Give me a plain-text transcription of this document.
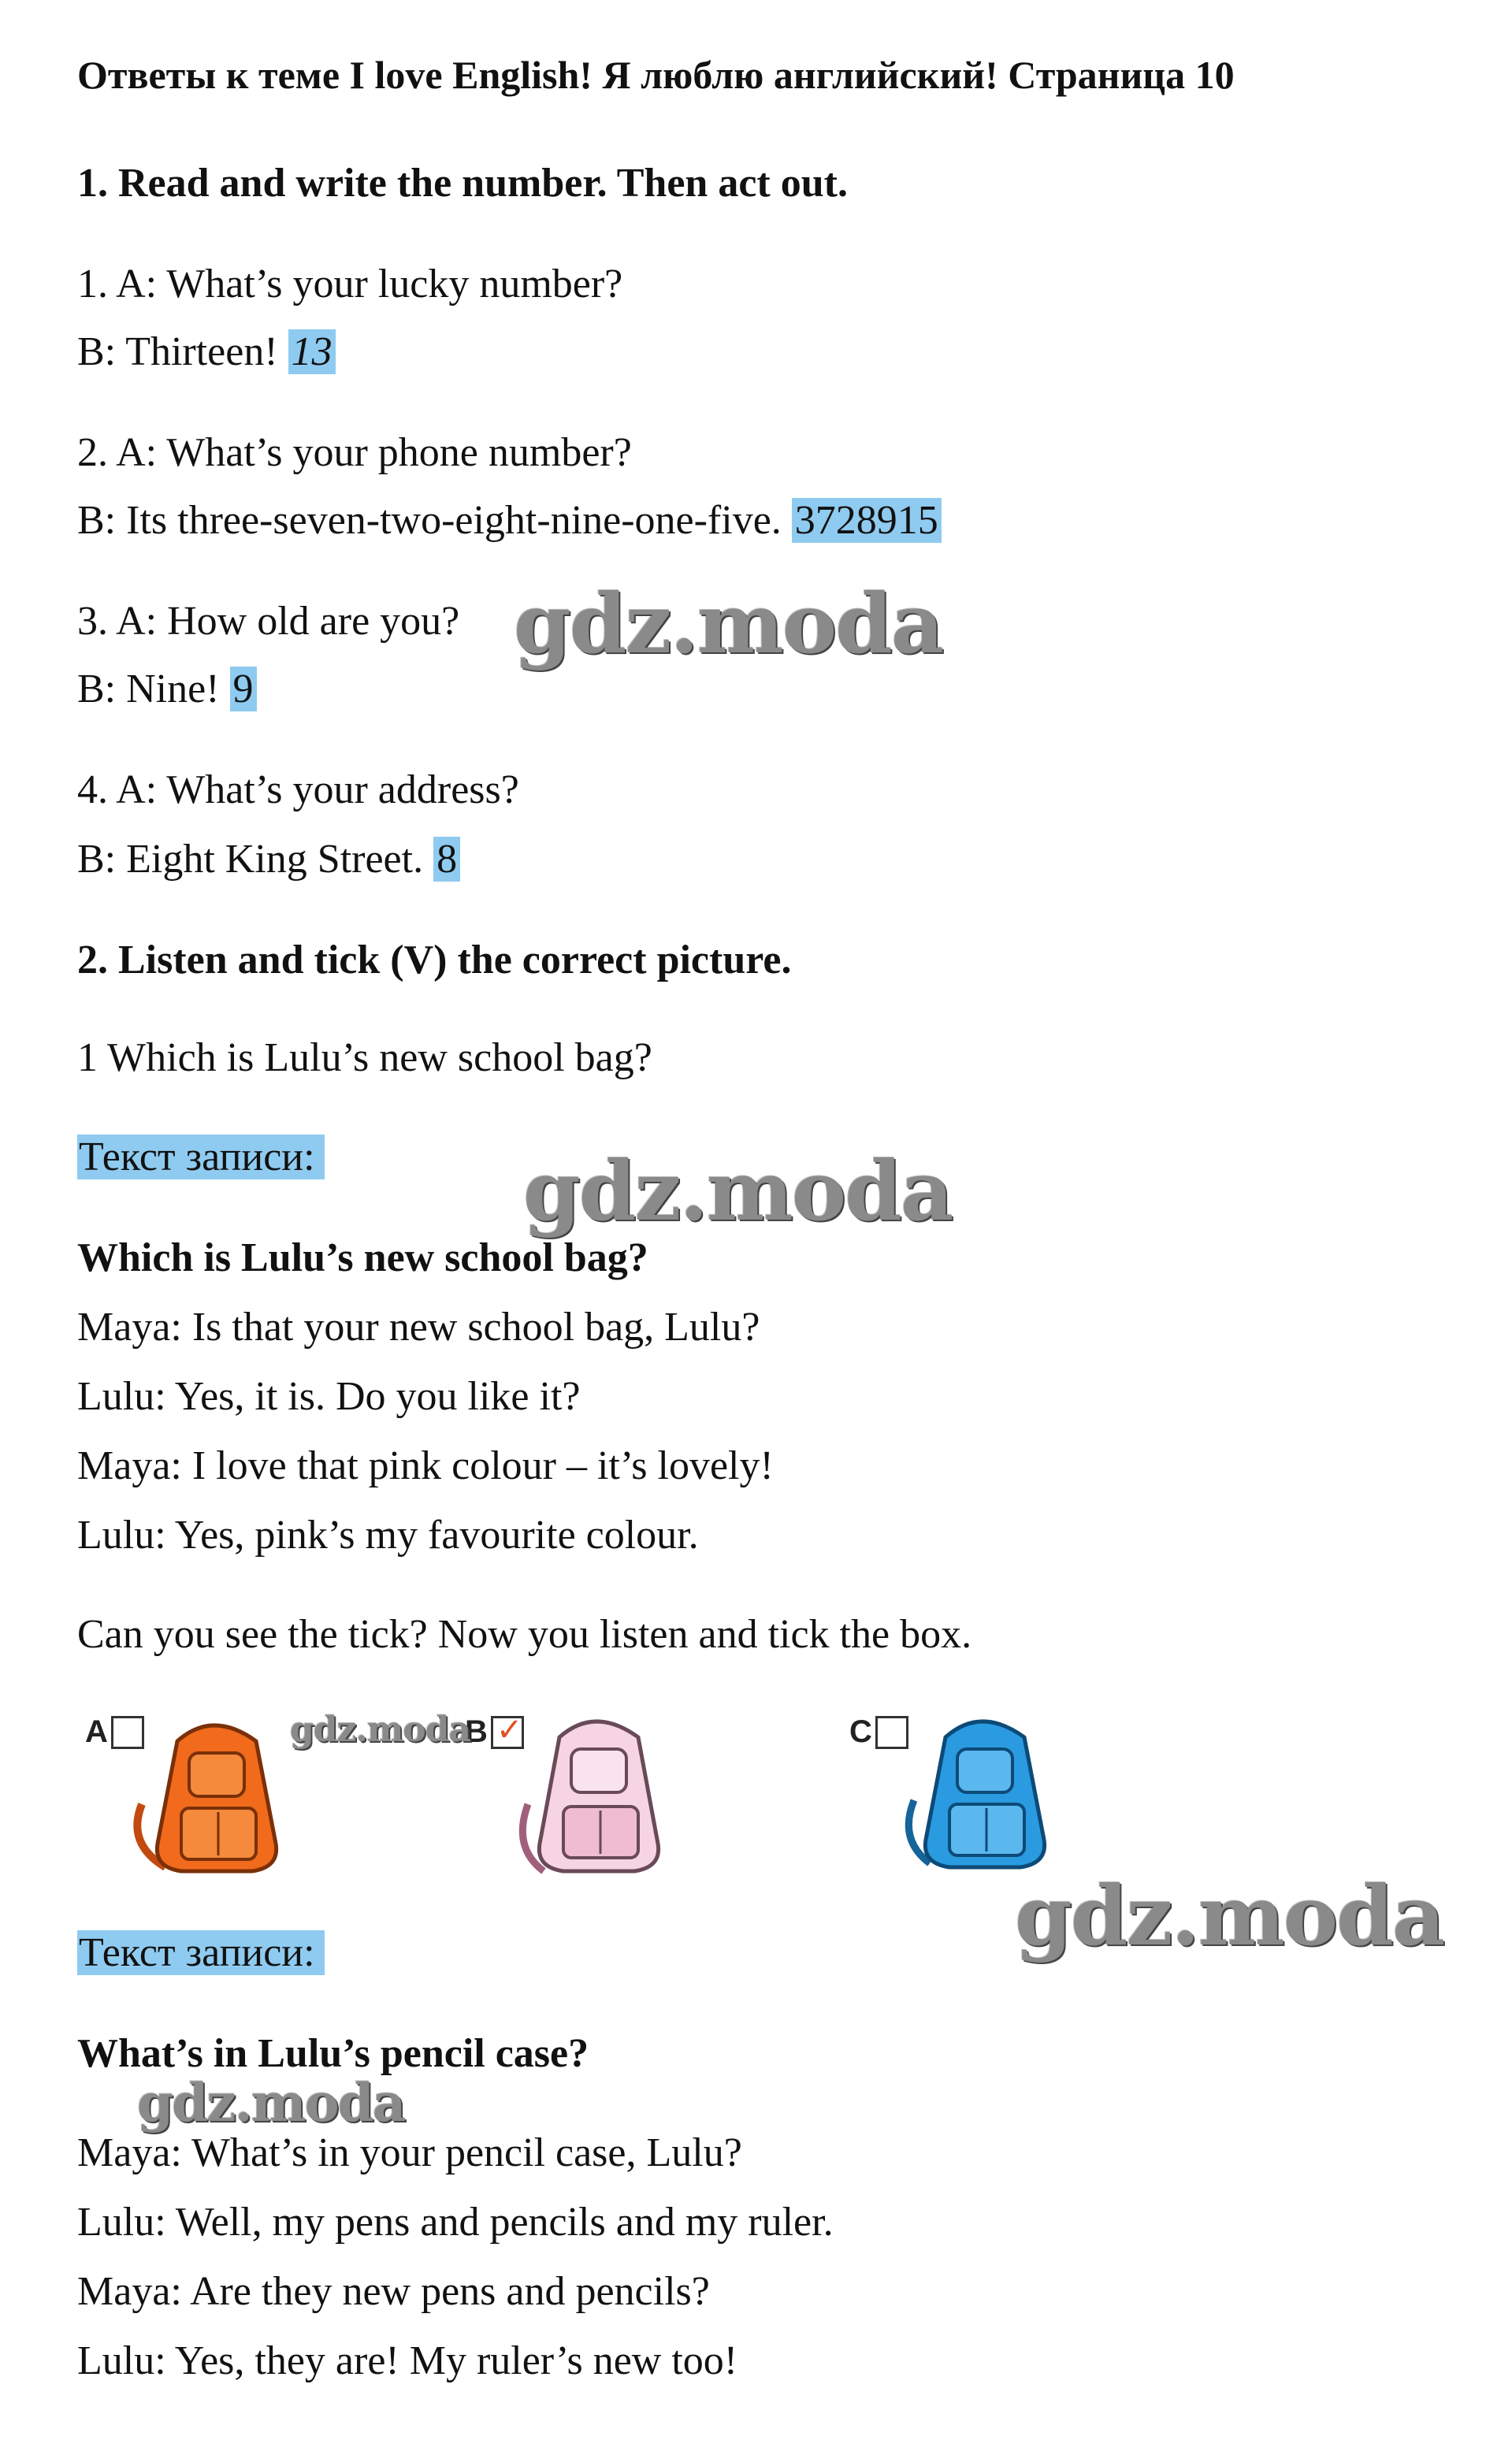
Ответы к теме I love English! Я люблю английский! Страница 10
1. Read and write the number. Then act out.
1. A: What’s your lucky number?
B: Thirteen! 13
2. A: What’s your phone number?
B: Its three-seven-two-eight-nine-one-five. 3728915
3. A: How old are you?
B: Nine! 9
4. A: What’s your address?
B: Eight King Street. 8
2. Listen and tick (V) the correct picture.
1 Which is Lulu’s new school bag?
Текст записи:
Which is Lulu’s new school bag?
Maya: Is that your new school bag, Lulu?
Lulu: Yes, it is. Do you like it?
Maya: I love that pink colour – it’s lovely!
Lulu: Yes, pink’s my favourite colour.
Can you see the tick? Now you listen and tick the box.
A	B ✓	C
Текст записи:
What’s in Lulu’s pencil case?
Maya: What’s in your pencil case, Lulu?
Lulu: Well, my pens and pencils and my ruler.
Maya: Are they new pens and pencils?
Lulu: Yes, they are! My ruler’s new too!
gdz.moda
gdz.moda
gdz.moda
gdz.moda
gdz.moda
